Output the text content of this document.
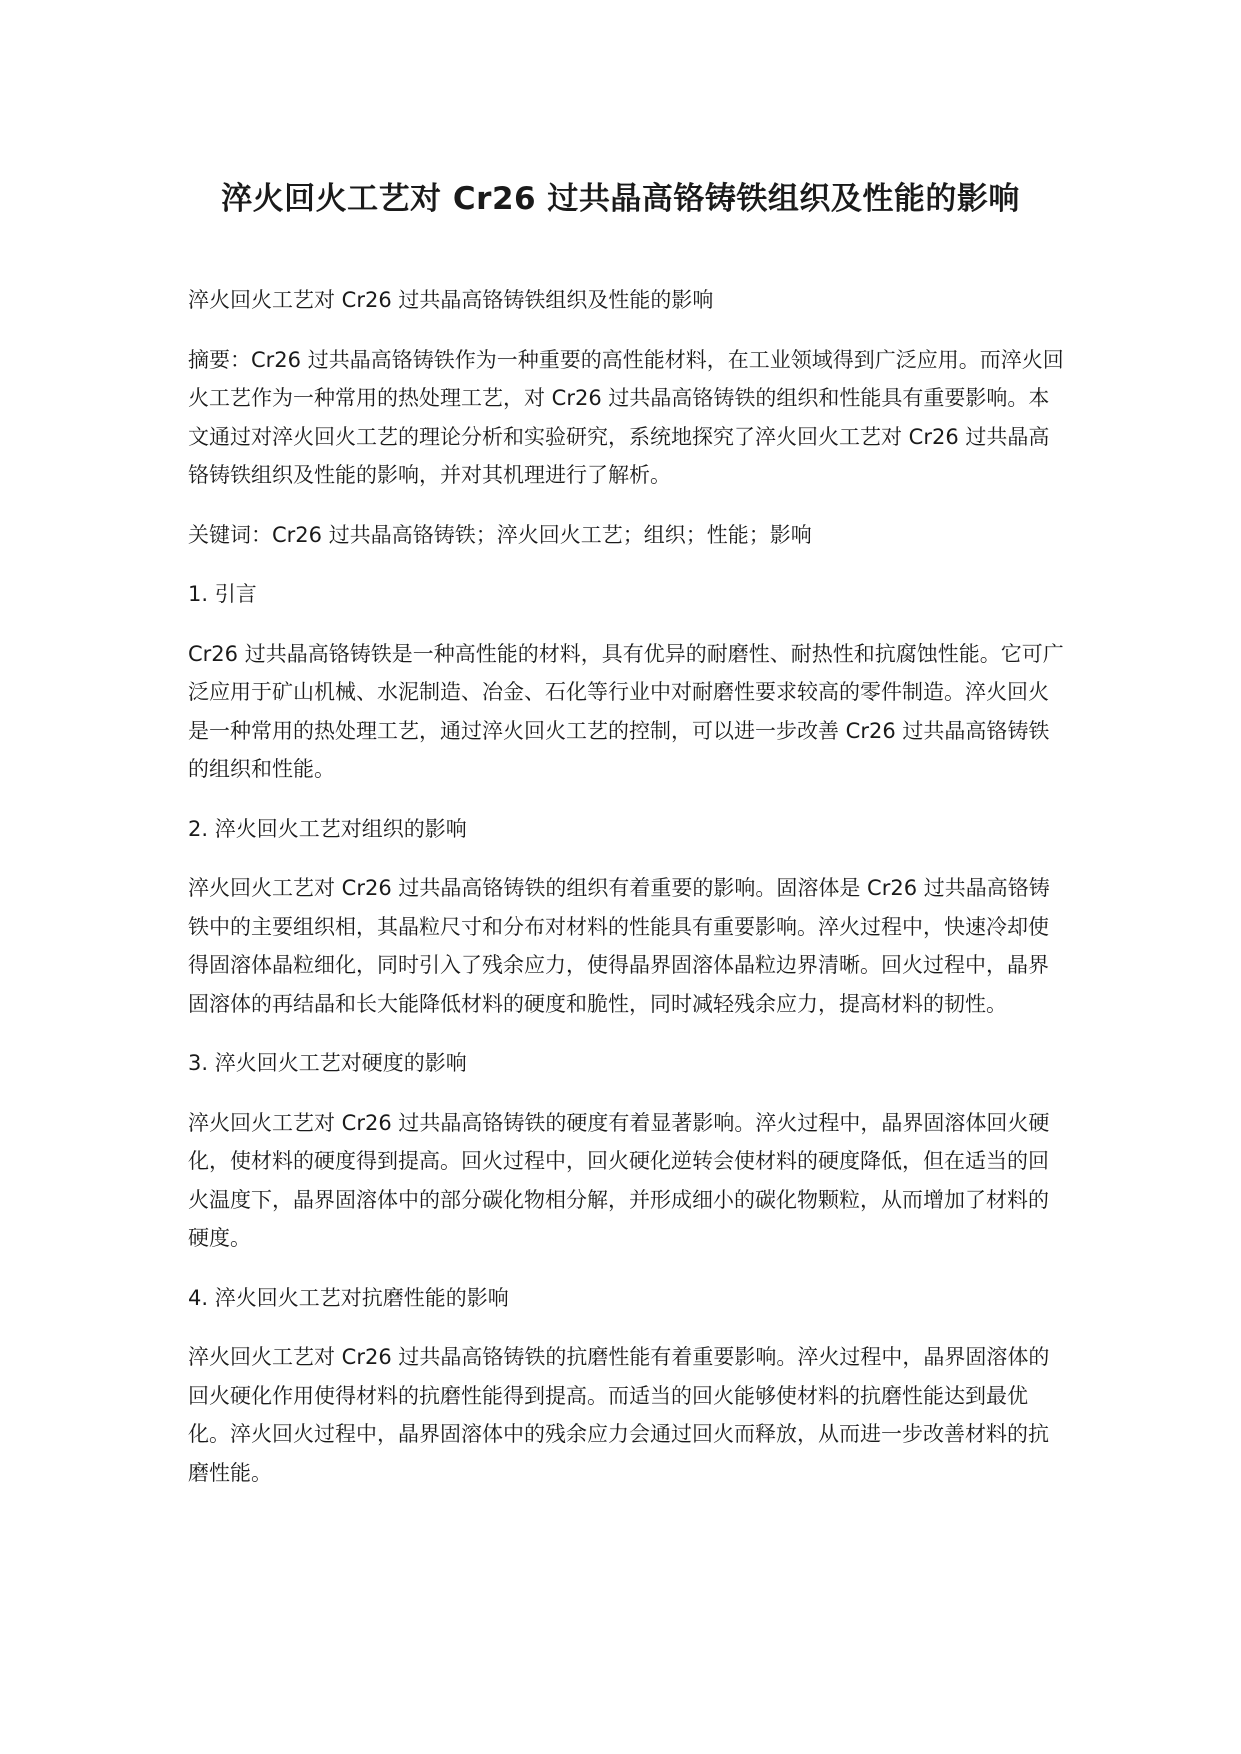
淬火回火工艺对 Cr26 过共晶高铬铸铁组织及性能的影响

淬火回火工艺对 Cr26 过共晶高铬铸铁组织及性能的影响

摘要：Cr26 过共晶高铬铸铁作为一种重要的高性能材料，在工业领域得到广泛应用。而淬火回火工艺作为一种常用的热处理工艺，对 Cr26 过共晶高铬铸铁的组织和性能具有重要影响。本文通过对淬火回火工艺的理论分析和实验研究，系统地探究了淬火回火工艺对 Cr26 过共晶高铬铸铁组织及性能的影响，并对其机理进行了解析。

关键词：Cr26 过共晶高铬铸铁；淬火回火工艺；组织；性能；影响

1. 引言

Cr26 过共晶高铬铸铁是一种高性能的材料，具有优异的耐磨性、耐热性和抗腐蚀性能。它可广泛应用于矿山机械、水泥制造、冶金、石化等行业中对耐磨性要求较高的零件制造。淬火回火是一种常用的热处理工艺，通过淬火回火工艺的控制，可以进一步改善 Cr26 过共晶高铬铸铁的组织和性能。

2. 淬火回火工艺对组织的影响

淬火回火工艺对 Cr26 过共晶高铬铸铁的组织有着重要的影响。固溶体是 Cr26 过共晶高铬铸铁中的主要组织相，其晶粒尺寸和分布对材料的性能具有重要影响。淬火过程中，快速冷却使得固溶体晶粒细化，同时引入了残余应力，使得晶界固溶体晶粒边界清晰。回火过程中，晶界固溶体的再结晶和长大能降低材料的硬度和脆性，同时减轻残余应力，提高材料的韧性。

3. 淬火回火工艺对硬度的影响

淬火回火工艺对 Cr26 过共晶高铬铸铁的硬度有着显著影响。淬火过程中，晶界固溶体回火硬化，使材料的硬度得到提高。回火过程中，回火硬化逆转会使材料的硬度降低，但在适当的回火温度下，晶界固溶体中的部分碳化物相分解，并形成细小的碳化物颗粒，从而增加了材料的硬度。

4. 淬火回火工艺对抗磨性能的影响

淬火回火工艺对 Cr26 过共晶高铬铸铁的抗磨性能有着重要影响。淬火过程中，晶界固溶体的回火硬化作用使得材料的抗磨性能得到提高。而适当的回火能够使材料的抗磨性能达到最优化。淬火回火过程中，晶界固溶体中的残余应力会通过回火而释放，从而进一步改善材料的抗磨性能。
